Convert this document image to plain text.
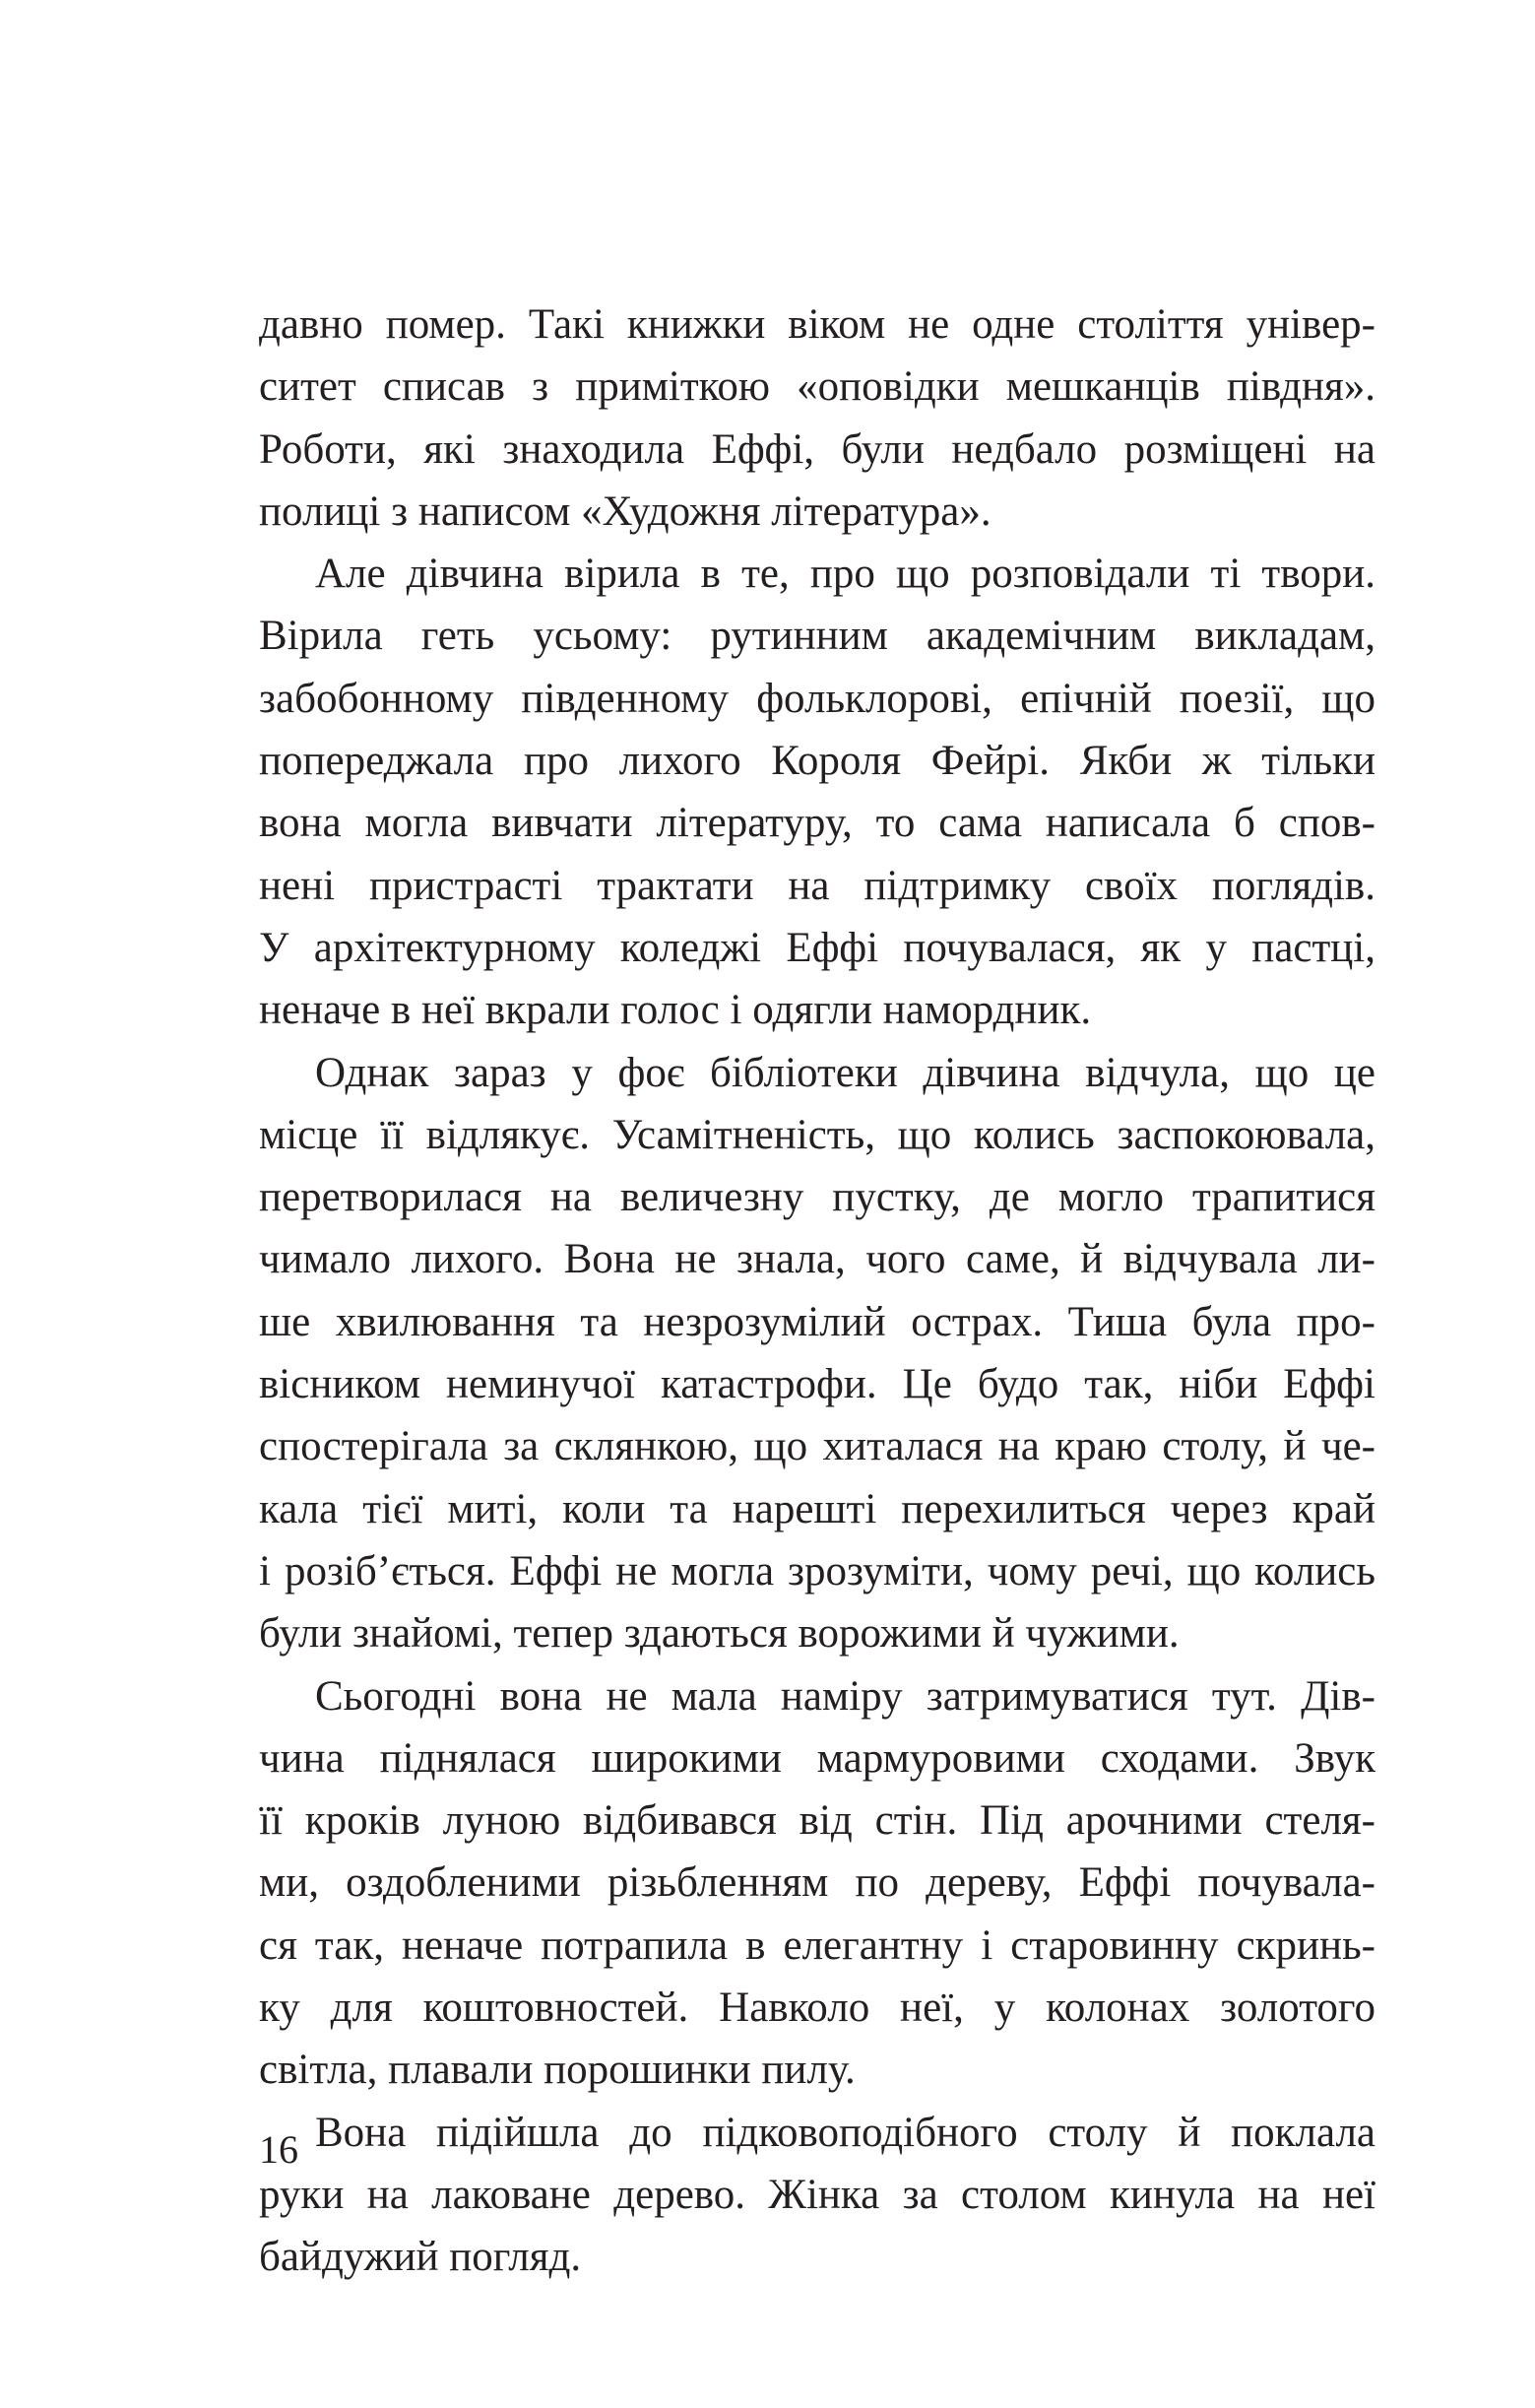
давно помер. Такі книжки віком не одне століття універ-
ситет списав з приміткою «оповідки мешканців півдня».
Роботи, які знаходила Еффі, були недбало розміщені на
полиці з написом «Художня література».
Але дівчина вірила в те, про що розповідали ті твори.
Вірила геть усьому: рутинним академічним викладам,
забобонному південному фольклорові, епічній поезії, що
попереджала про лихого Короля Фейрі. Якби ж тільки
вона могла вивчати літературу, то сама написала б спов-
нені пристрасті трактати на підтримку своїх поглядів.
У архітектурному коледжі Еффі почувалася, як у пастці,
неначе в неї вкрали голос і одягли намордник.
Однак зараз у фоє бібліотеки дівчина відчула, що це
місце її відлякує. Усамітненість, що колись заспокоювала,
перетворилася на величезну пустку, де могло трапитися
чимало лихого. Вона не знала, чого саме, й відчувала ли-
ше хвилювання та незрозумілий острах. Тиша була про-
вісником неминучої катастрофи. Це будо так, ніби Еффі
спостерігала за склянкою, що хиталася на краю столу, й че-
кала тієї миті, коли та нарешті перехилиться через край
і розіб’ється. Еффі не могла зрозуміти, чому речі, що колись
були знайомі, тепер здаються ворожими й чужими.
Сьогодні вона не мала наміру затримуватися тут. Дів-
чина піднялася широкими мармуровими сходами. Звук
її кроків луною відбивався від стін. Під арочними стеля-
ми, оздобленими різьбленням по дереву, Еффі почувала-
ся так, неначе потрапила в елегантну і старовинну скринь-
ку для коштовностей. Навколо неї, у колонах золотого
світла, плавали порошинки пилу.
Вона підійшла до підковоподібного столу й поклала
руки на лаковане дерево. Жінка за столом кинула на неї
байдужий погляд.
16
